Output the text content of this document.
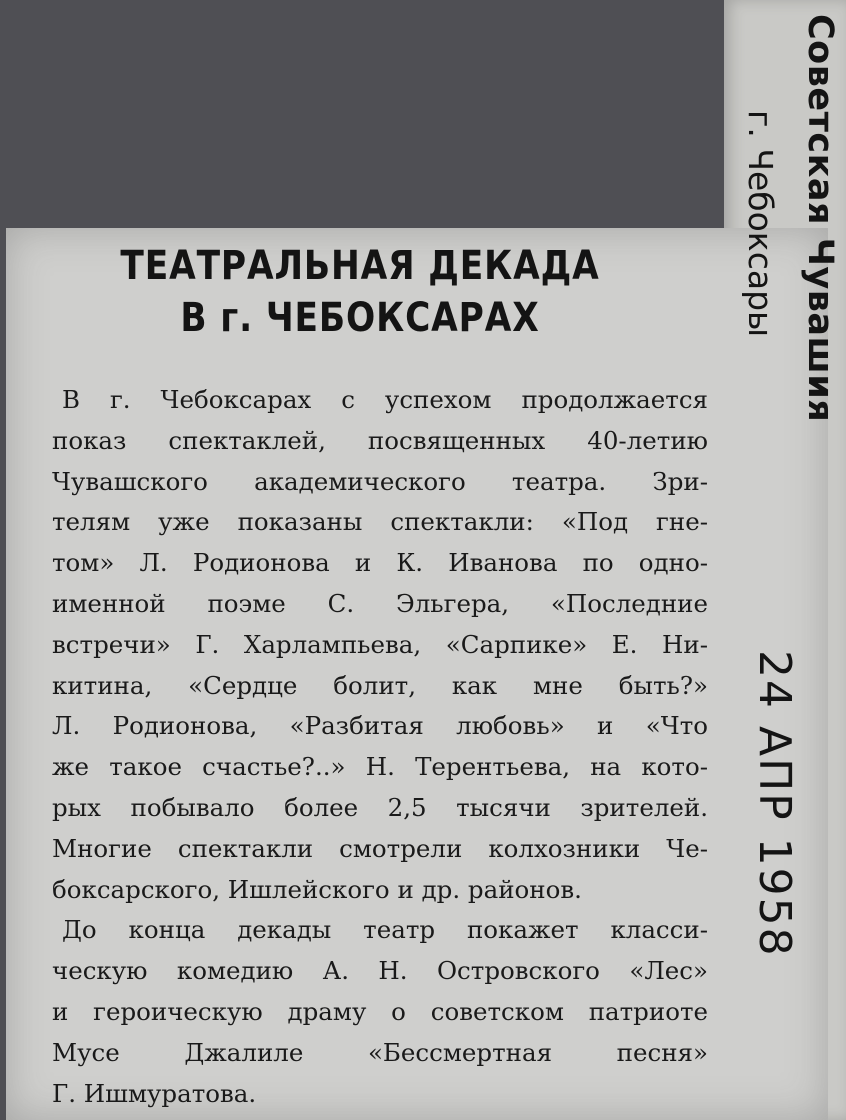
ТЕАТРАЛЬНАЯ ДЕКАДА
В г. ЧЕБОКСАРАХ

В г. Чебоксарах с успехом продолжается
показ спектаклей, посвященных 40-летию
Чувашского академического театра. Зри-
телям уже показаны спектакли: «Под гне-
том» Л. Родионова и К. Иванова по одно-
именной поэме С. Эльгера, «Последние
встречи» Г. Харлампьева, «Сарпике» Е. Ни-
китина, «Сердце болит, как мне быть?»
Л. Родионова, «Разбитая любовь» и «Что
же такое счастье?..» Н. Терентьева, на кото-
рых побывало более 2,5 тысячи зрителей.
Многие спектакли смотрели колхозники Че-
боксарского, Ишлейского и др. районов.

До конца декады театр покажет класси-
ческую комедию А. Н. Островского «Лес»
и героическую драму о советском патриоте
Мусе Джалиле «Бессмертная песня»
Г. Ишмуратова.

Советская Чувашия
г. Чебоксары
24 АПР 1958
